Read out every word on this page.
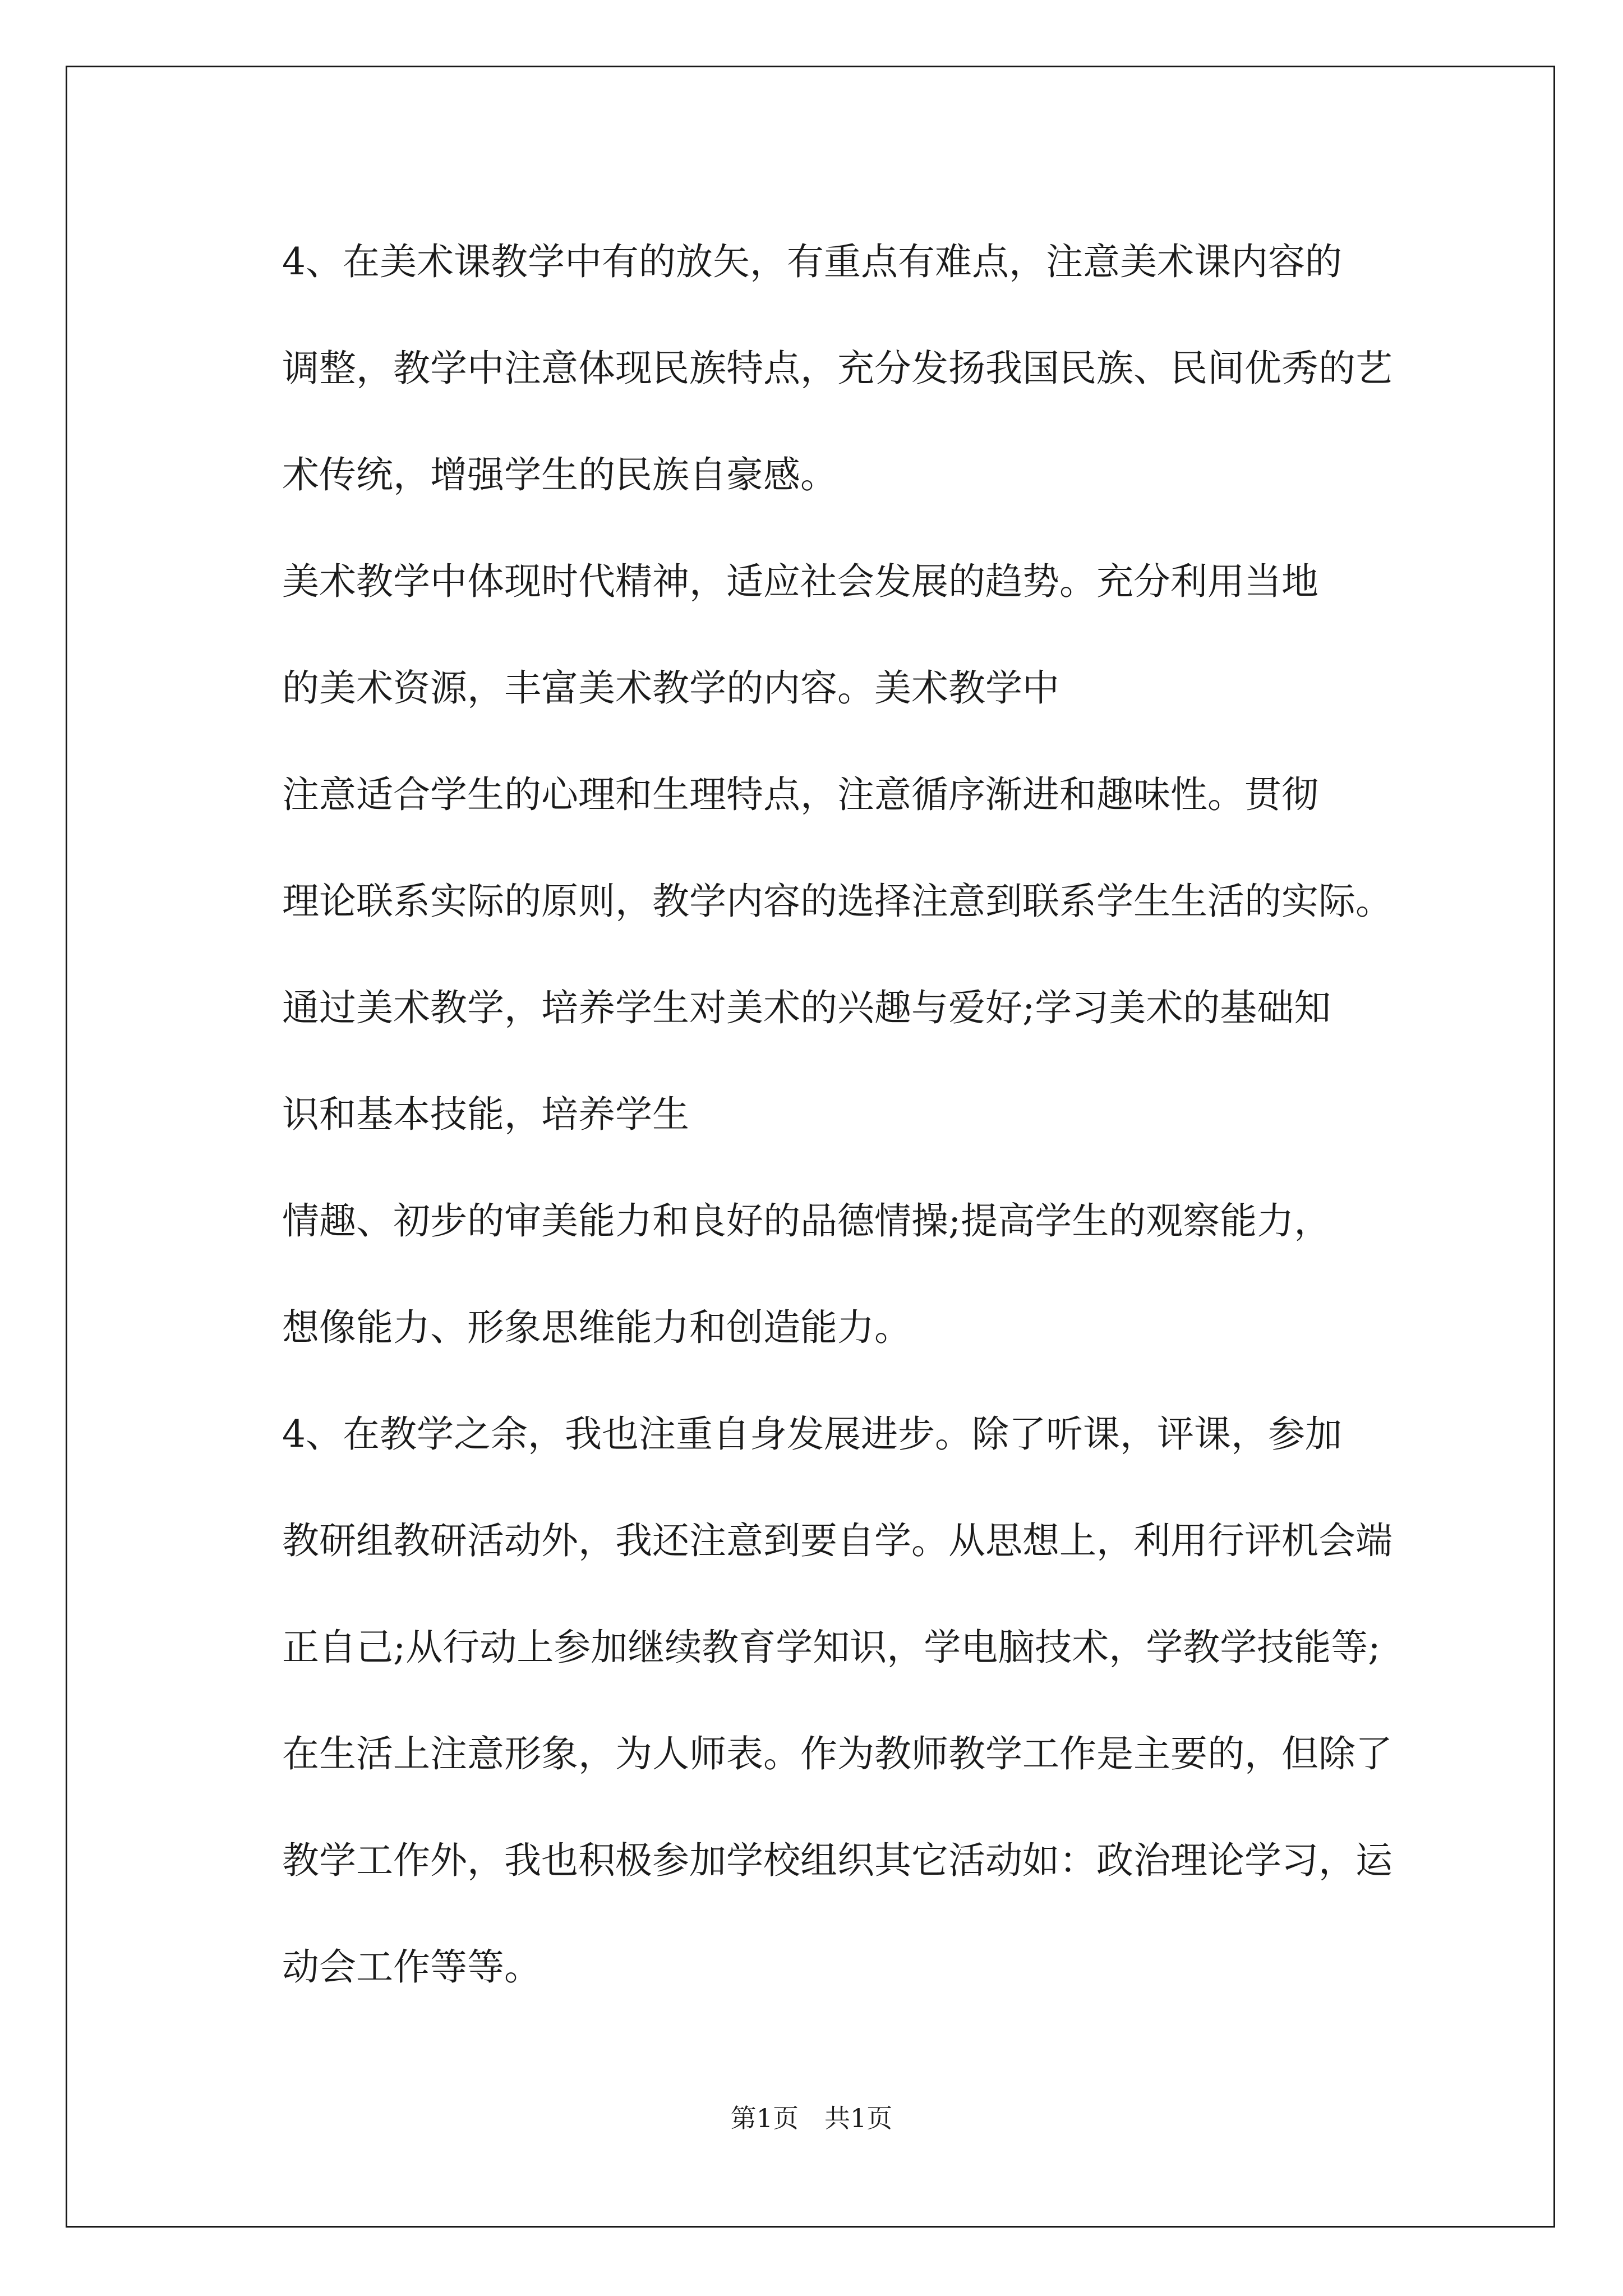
4、在美术课教学中有的放矢，有重点有难点，注意美术课内容的
调整，教学中注意体现民族特点，充分发扬我国民族、民间优秀的艺
术传统，增强学生的民族自豪感。

美术教学中体现时代精神，适应社会发展的趋势。充分利用当地
的美术资源，丰富美术教学的内容。美术教学中

注意适合学生的心理和生理特点，注意循序渐进和趣味性。贯彻
理论联系实际的原则，教学内容的选择注意到联系学生生活的实际。

通过美术教学，培养学生对美术的兴趣与爱好;学习美术的基础知
识和基本技能，培养学生

情趣、初步的审美能力和良好的品德情操;提高学生的观察能力，
想像能力、形象思维能力和创造能力。

4、在教学之余，我也注重自身发展进步。除了听课，评课，参加
教研组教研活动外，我还注意到要自学。从思想上，利用行评机会端
正自己;从行动上参加继续教育学知识，学电脑技术，学教学技能等;
在生活上注意形象，为人师表。作为教师教学工作是主要的，但除了
教学工作外，我也积极参加学校组织其它活动如：政治理论学习，运
动会工作等等。

第1页 共1页
